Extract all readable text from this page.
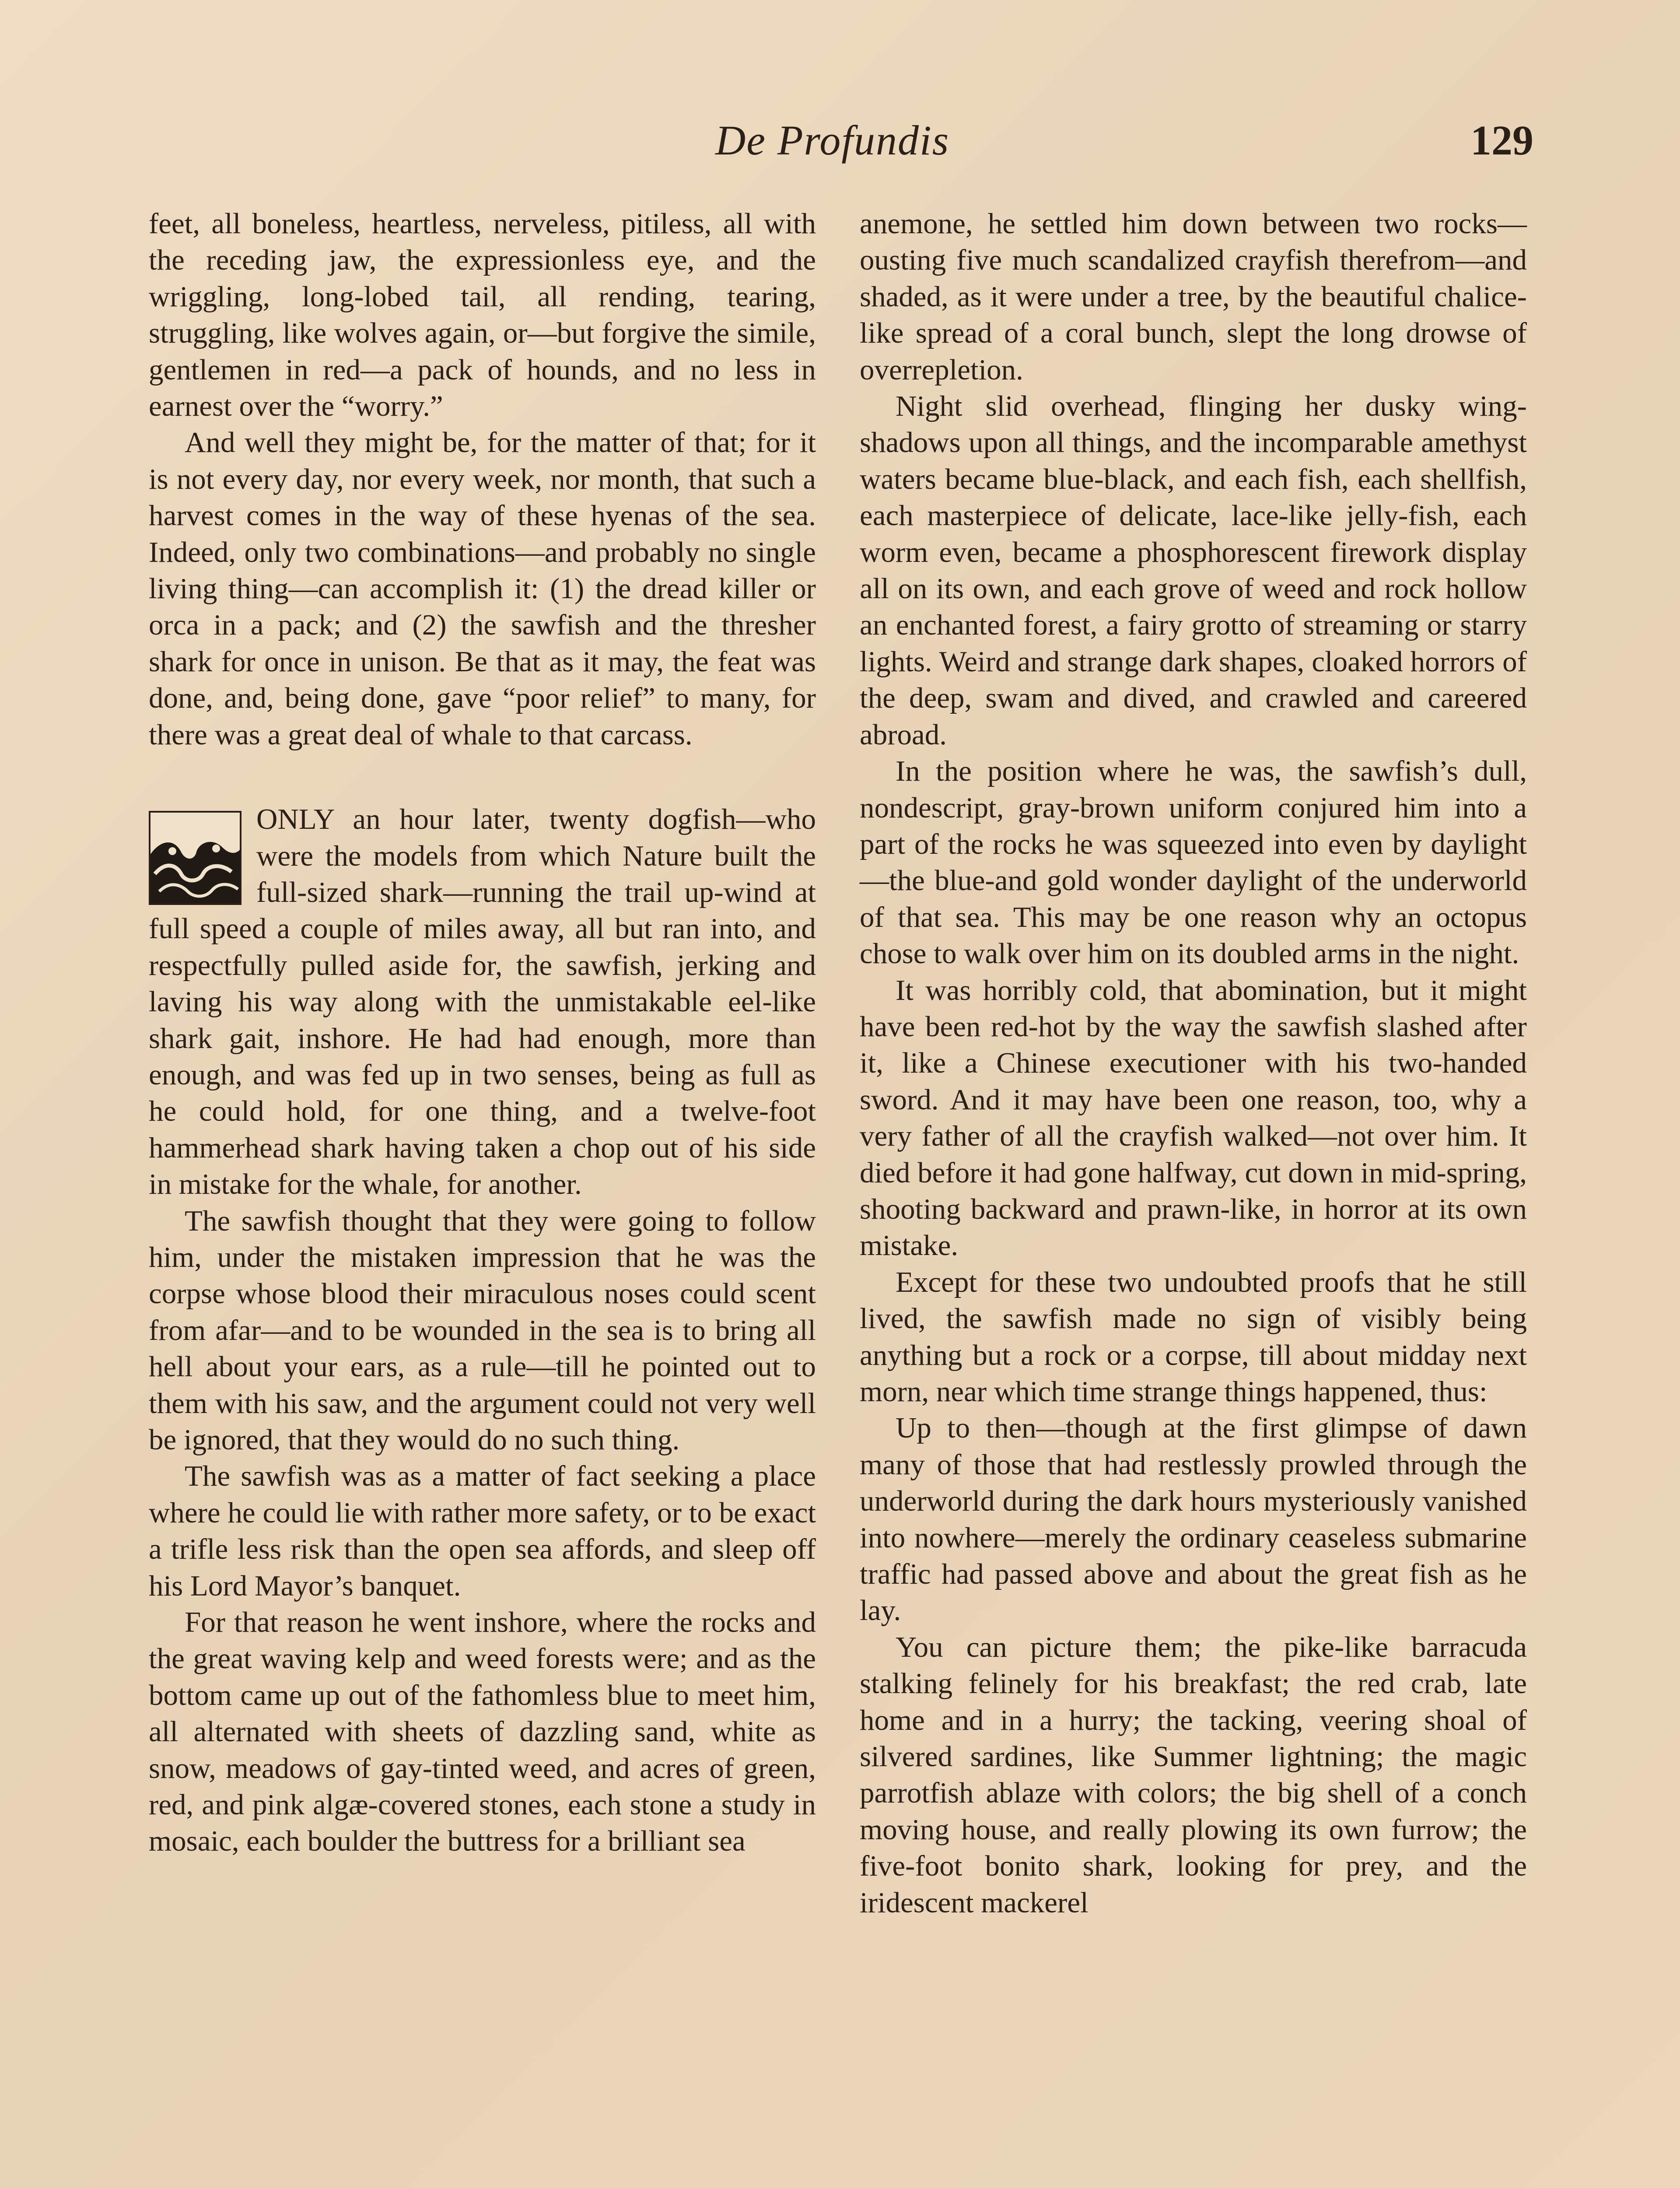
De Profundis	129

feet, all boneless, heartless, nerveless, pitiless, all with the receding jaw, the expressionless eye, and the wriggling, long-lobed tail, all rending, tearing, struggling, like wolves again, or—but forgive the simile, gentlemen in red—a pack of hounds, and no less in earnest over the “worry.”

And well they might be, for the matter of that; for it is not every day, nor every week, nor month, that such a harvest comes in the way of these hyenas of the sea. Indeed, only two combinations—and probably no single living thing—can accomplish it: (1) the dread killer or orca in a pack; and (2) the sawfish and the thresher shark for once in unison. Be that as it may, the feat was done, and, being done, gave “poor relief” to many, for there was a great deal of whale to that carcass.

ONLY an hour later, twenty dogfish—who were the models from which Nature built the full-sized shark—running the trail up-wind at full speed a couple of miles away, all but ran into, and respectfully pulled aside for, the sawfish, jerking and laving his way along with the unmistakable eel-like shark gait, inshore. He had had enough, more than enough, and was fed up in two senses, being as full as he could hold, for one thing, and a twelve-foot hammerhead shark having taken a chop out of his side in mistake for the whale, for another.

The sawfish thought that they were going to follow him, under the mistaken impression that he was the corpse whose blood their miraculous noses could scent from afar—and to be wounded in the sea is to bring all hell about your ears, as a rule—till he pointed out to them with his saw, and the argument could not very well be ignored, that they would do no such thing.

The sawfish was as a matter of fact seeking a place where he could lie with rather more safety, or to be exact a trifle less risk than the open sea affords, and sleep off his Lord Mayor’s banquet.

For that reason he went inshore, where the rocks and the great waving kelp and weed forests were; and as the bottom came up out of the fathomless blue to meet him, all alternated with sheets of dazzling sand, white as snow, meadows of gay-tinted weed, and acres of green, red, and pink algæ-covered stones, each stone a study in mosaic, each boulder the buttress for a brilliant sea

anemone, he settled him down between two rocks— ousting five much scandalized crayfish therefrom—and shaded, as it were under a tree, by the beautiful chalice-like spread of a coral bunch, slept the long drowse of overrepletion.

Night slid overhead, flinging her dusky wing-shadows upon all things, and the incomparable amethyst waters became blue-black, and each fish, each shellfish, each masterpiece of delicate, lace-like jelly-fish, each worm even, became a phosphorescent firework display all on its own, and each grove of weed and rock hollow an enchanted forest, a fairy grotto of streaming or starry lights. Weird and strange dark shapes, cloaked horrors of the deep, swam and dived, and crawled and careered abroad.

In the position where he was, the sawfish’s dull, nondescript, gray-brown uniform conjured him into a part of the rocks he was squeezed into even by daylight—the blue-and gold wonder daylight of the underworld of that sea. This may be one reason why an octopus chose to walk over him on its doubled arms in the night.

It was horribly cold, that abomination, but it might have been red-hot by the way the sawfish slashed after it, like a Chinese executioner with his two-handed sword. And it may have been one reason, too, why a very father of all the crayfish walked—not over him. It died before it had gone halfway, cut down in mid-spring, shooting backward and prawn-like, in horror at its own mistake.

Except for these two undoubted proofs that he still lived, the sawfish made no sign of visibly being anything but a rock or a corpse, till about midday next morn, near which time strange things happened, thus:

Up to then—though at the first glimpse of dawn many of those that had restlessly prowled through the underworld during the dark hours mysteriously vanished into nowhere—merely the ordinary ceaseless submarine traffic had passed above and about the great fish as he lay.

You can picture them; the pike-like barracuda stalking felinely for his breakfast; the red crab, late home and in a hurry; the tacking, veering shoal of silvered sardines, like Summer lightning; the magic parrotfish ablaze with colors; the big shell of a conch moving house, and really plowing its own furrow; the five-foot bonito shark, looking for prey, and the iridescent mackerel
